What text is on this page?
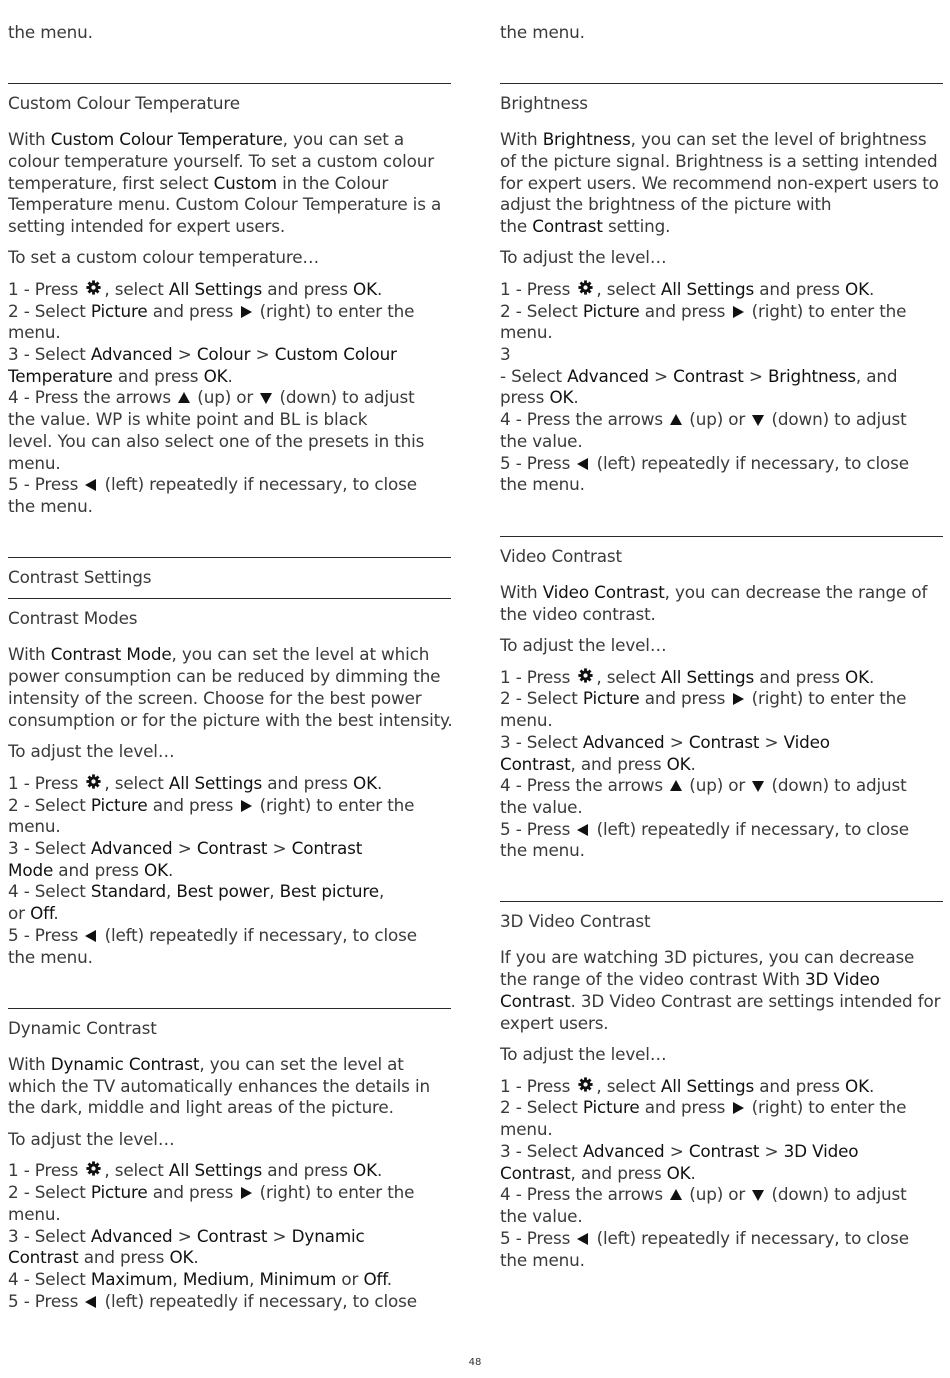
the menu.
Custom Colour Temperature
With Custom Colour Temperature, you can set a
colour temperature yourself. To set a custom colour
temperature, first select Custom in the Colour
Temperature menu. Custom Colour Temperature is a
setting intended for expert users.
To set a custom colour temperature…
1 - Press , select All Settings and press OK.
2 - Select Picture and press  (right) to enter the
menu.
3 - Select Advanced > Colour > Custom Colour
Temperature and press OK.
4 - Press the arrows  (up) or  (down) to adjust
the value. WP is white point and BL is black
level. You can also select one of the presets in this
menu.
5 - Press  (left) repeatedly if necessary, to close
the menu.
Contrast Settings
Contrast Modes
With Contrast Mode, you can set the level at which
power consumption can be reduced by dimming the
intensity of the screen. Choose for the best power
consumption or for the picture with the best intensity.
To adjust the level…
1 - Press , select All Settings and press OK.
2 - Select Picture and press  (right) to enter the
menu.
3 - Select Advanced > Contrast > Contrast
Mode and press OK.
4 - Select Standard, Best power, Best picture,
or Off.
5 - Press  (left) repeatedly if necessary, to close
the menu.
Dynamic Contrast
With Dynamic Contrast, you can set the level at
which the TV automatically enhances the details in
the dark, middle and light areas of the picture.
To adjust the level…
1 - Press , select All Settings and press OK.
2 - Select Picture and press  (right) to enter the
menu.
3 - Select Advanced > Contrast > Dynamic
Contrast and press OK.
4 - Select Maximum, Medium, Minimum or Off.
5 - Press  (left) repeatedly if necessary, to close
the menu.
Brightness
With Brightness, you can set the level of brightness
of the picture signal. Brightness is a setting intended
for expert users. We recommend non-expert users to
adjust the brightness of the picture with
the Contrast setting.
To adjust the level…
1 - Press , select All Settings and press OK.
2 - Select Picture and press  (right) to enter the
menu.
3
- Select Advanced > Contrast > Brightness, and
press OK.
4 - Press the arrows  (up) or  (down) to adjust
the value.
5 - Press  (left) repeatedly if necessary, to close
the menu.
Video Contrast
With Video Contrast, you can decrease the range of
the video contrast.
To adjust the level…
1 - Press , select All Settings and press OK.
2 - Select Picture and press  (right) to enter the
menu.
3 - Select Advanced > Contrast > Video
Contrast, and press OK.
4 - Press the arrows  (up) or  (down) to adjust
the value.
5 - Press  (left) repeatedly if necessary, to close
the menu.
3D Video Contrast
If you are watching 3D pictures, you can decrease
the range of the video contrast With 3D Video
Contrast. 3D Video Contrast are settings intended for
expert users.
To adjust the level…
1 - Press , select All Settings and press OK.
2 - Select Picture and press  (right) to enter the
menu.
3 - Select Advanced > Contrast > 3D Video
Contrast, and press OK.
4 - Press the arrows  (up) or  (down) to adjust
the value.
5 - Press  (left) repeatedly if necessary, to close
the menu.
48
